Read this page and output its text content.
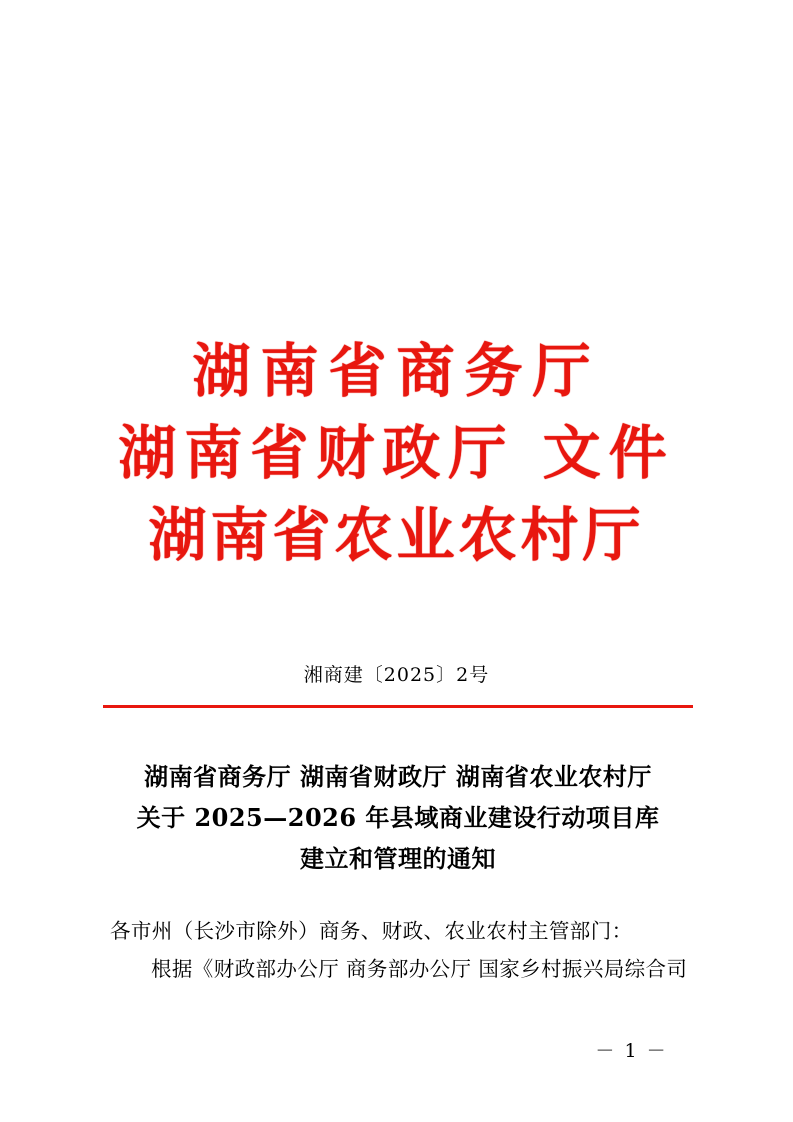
湖南省商务厅
湖南省财政厅 文件
湖南省农业农村厅
湘商建〔2025〕2号
湖南省商务厅 湖南省财政厅 湖南省农业农村厅
关于 2025—2026 年县域商业建设行动项目库
建立和管理的通知

各市州（长沙市除外）商务、财政、农业农村主管部门：

根据《财政部办公厅 商务部办公厅 国家乡村振兴局综合司

－ 1 －
